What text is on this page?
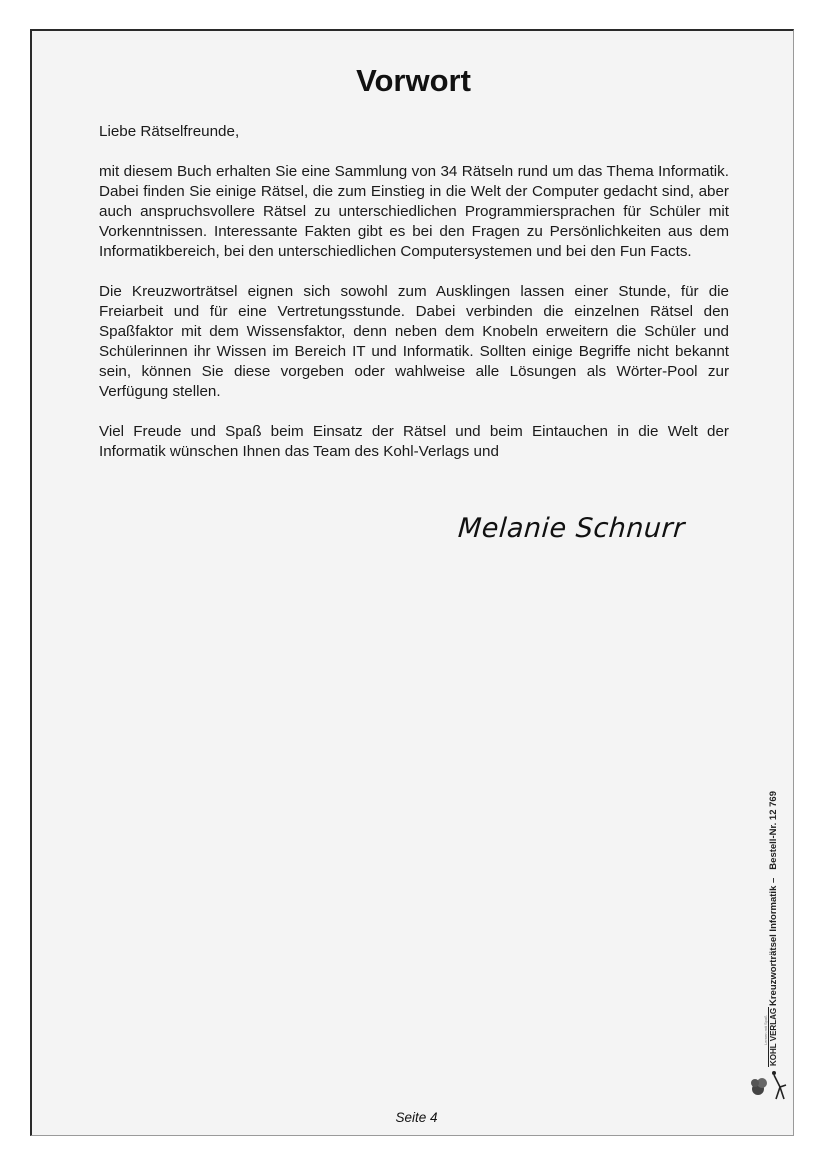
Vorwort

Liebe Rätselfreunde,

mit diesem Buch erhalten Sie eine Sammlung von 34 Rätseln rund um das Thema Informatik. Dabei finden Sie einige Rätsel, die zum Einstieg in die Welt der Computer gedacht sind, aber auch anspruchsvollere Rätsel zu unterschiedlichen Programmiersprachen für Schüler mit Vorkenntnissen. Interessante Fakten gibt es bei den Fragen zu Persönlichkeiten aus dem Informatikbereich, bei den unterschiedlichen Computersystemen und bei den Fun Facts.

Die Kreuzworträtsel eignen sich sowohl zum Ausklingen lassen einer Stunde, für die Freiarbeit und für eine Vertretungsstunde. Dabei verbinden die einzelnen Rätsel den Spaßfaktor mit dem Wissensfaktor, denn neben dem Knobeln erweitern die Schüler und Schülerinnen ihr Wissen im Bereich IT und Informatik. Sollten einige Begriffe nicht bekannt sein, können Sie diese vorgeben oder wahlweise alle Lösungen als Wörter-Pool zur Verfügung stellen.

Viel Freude und Spaß beim Einsatz der Rätsel und beim Eintauchen in die Welt der Informatik wünschen Ihnen das Team des Kohl-Verlags und

Melanie Schnurr
Kreuzworträtsel Informatik –Bestell-Nr. 12 769
Lernen mit Spaß KOHL VERLAG
Seite 4
